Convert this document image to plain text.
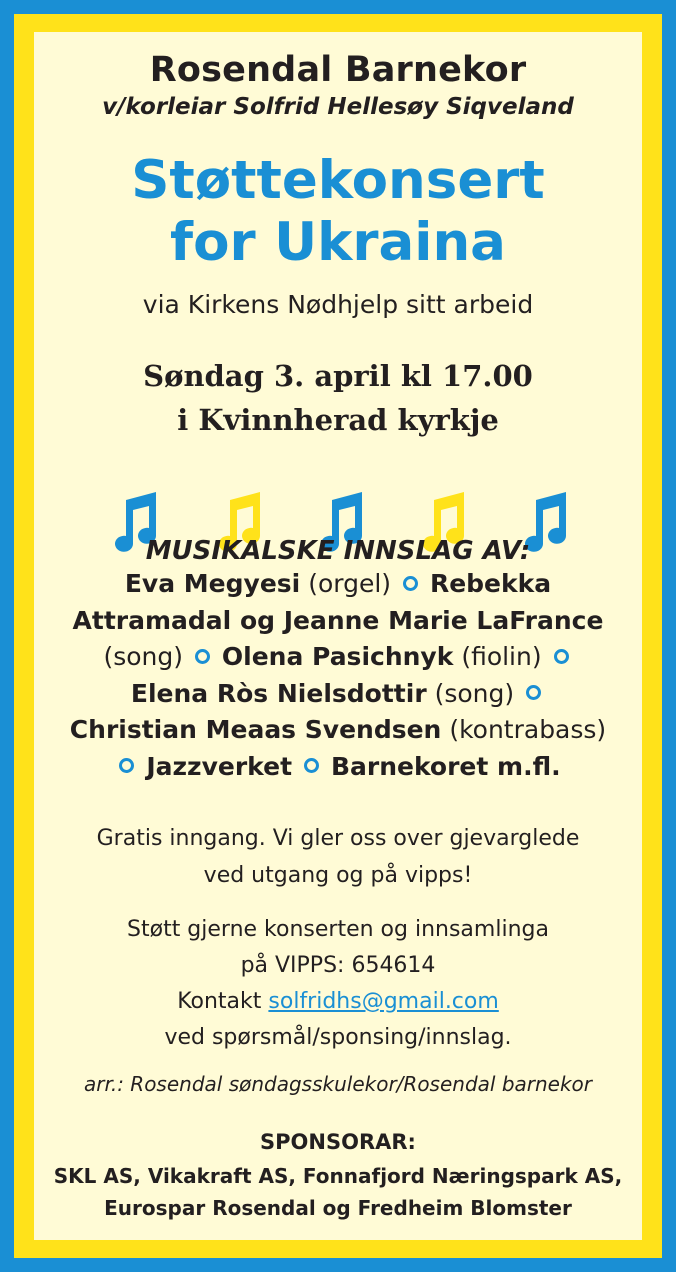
Rosendal Barnekor
v/korleiar Solfrid Hellesøy Siqveland
Støttekonsert
for Ukraina
via Kirkens Nødhjelp sitt arbeid
Søndag 3. april kl 17.00
i Kvinnherad kyrkje
MUSIKALSKE INNSLAG AV:
Eva Megyesi (orgel) Rebekka
Attramadal og Jeanne Marie LaFrance
(song) Olena Pasichnyk (fiolin)
Elena Ròs Nielsdottir (song)
Christian Meaas Svendsen (kontrabass)
Jazzverket Barnekoret m.fl.
Gratis inngang. Vi gler oss over gjevarglede
ved utgang og på vipps!
Støtt gjerne konserten og innsamlinga
på VIPPS: 654614
Kontakt solfridhs@gmail.com
ved spørsmål/sponsing/innslag.
arr.: Rosendal søndagsskulekor/Rosendal barnekor
SPONSORAR:
SKL AS, Vikakraft AS, Fonnafjord Næringspark AS,
Eurospar Rosendal og Fredheim Blomster
